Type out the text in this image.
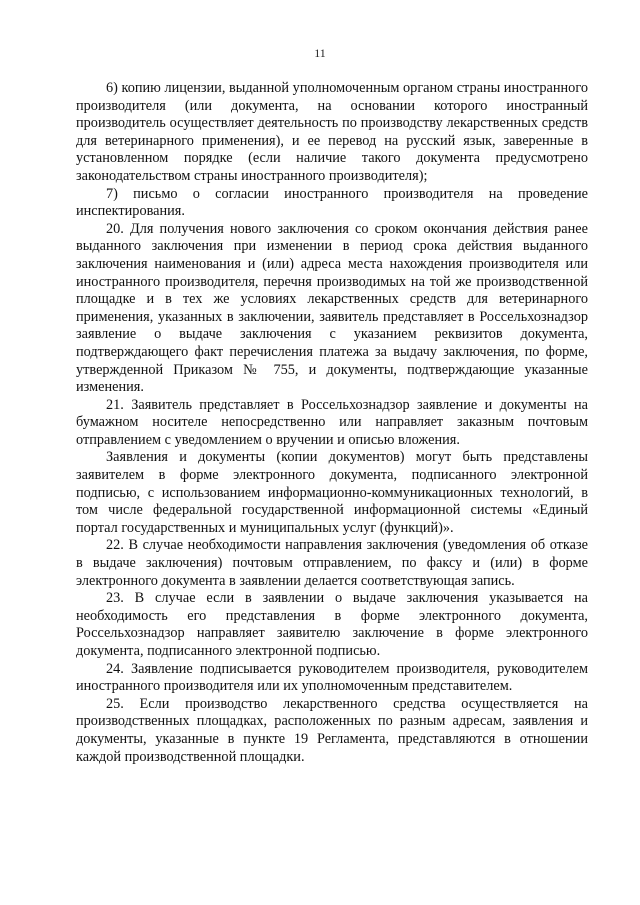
11

6) копию лицензии, выданной уполномоченным органом страны иностранного производителя (или документа, на основании которого иностранный производитель осуществляет деятельность по производству лекарственных средств для ветеринарного применения), и ее перевод на русский язык, заверенные в установленном порядке (если наличие такого документа предусмотрено законодательством страны иностранного производителя);

7) письмо о согласии иностранного производителя на проведение инспектирования.

20. Для получения нового заключения со сроком окончания действия ранее выданного заключения при изменении в период срока действия выданного заключения наименования и (или) адреса места нахождения производителя или иностранного производителя, перечня производимых на той же производственной площадке и в тех же условиях лекарственных средств для ветеринарного применения, указанных в заключении, заявитель представляет в Россельхознадзор заявление о выдаче заключения с указанием реквизитов документа, подтверждающего факт перечисления платежа за выдачу заключения, по форме, утвержденной Приказом № 755, и документы, подтверждающие указанные изменения.

21. Заявитель представляет в Россельхознадзор заявление и документы на бумажном носителе непосредственно или направляет заказным почтовым отправлением с уведомлением о вручении и описью вложения.

Заявления и документы (копии документов) могут быть представлены заявителем в форме электронного документа, подписанного электронной подписью, с использованием информационно-коммуникационных технологий, в том числе федеральной государственной информационной системы «Единый портал государственных и муниципальных услуг (функций)».

22. В случае необходимости направления заключения (уведомления об отказе в выдаче заключения) почтовым отправлением, по факсу и (или) в форме электронного документа в заявлении делается соответствующая запись.

23. В случае если в заявлении о выдаче заключения указывается на необходимость его представления в форме электронного документа, Россельхознадзор направляет заявителю заключение в форме электронного документа, подписанного электронной подписью.

24. Заявление подписывается руководителем производителя, руководителем иностранного производителя или их уполномоченным представителем.

25. Если производство лекарственного средства осуществляется на производственных площадках, расположенных по разным адресам, заявления и документы, указанные в пункте 19 Регламента, представляются в отношении каждой производственной площадки.
